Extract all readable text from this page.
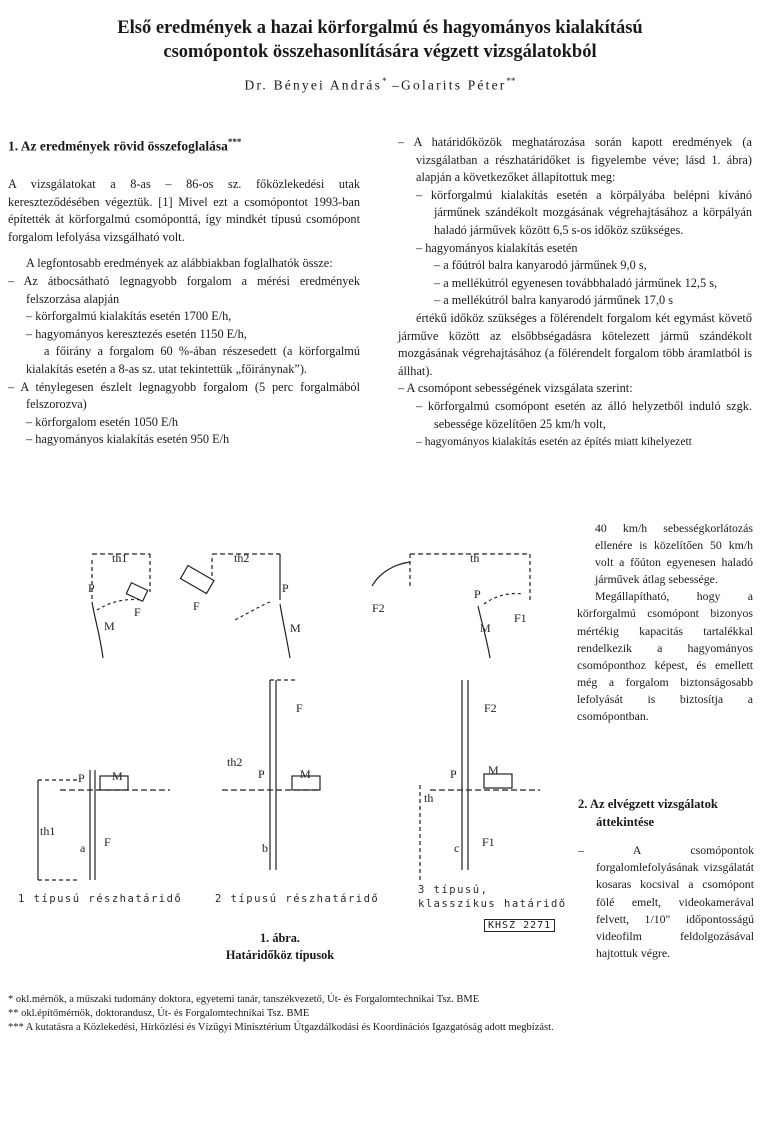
Első eredmények a hazai körforgalmú és hagyományos kialakítású
csomópontok összehasonlítására végzett vizsgálatokból
Dr. Bényei András* –Golarits Péter**

1. Az eredmények rövid összefoglalása***

A vizsgálatokat a 8-as – 86-os sz. főközlekedési utak kereszteződésében végeztük. [1] Mivel ezt a csomópontot 1993-ban építették át körforgalmú csomóponttá, így mindkét típusú csomópont forgalom lefolyása vizsgálható volt.

A legfontosabb eredmények az alábbiakban foglalhatók össze:

– Az átbocsátható legnagyobb forgalom a mérési eredmények felszorzása alapján

– körforgalmú kialakítás esetén 1700 E/h,

– hagyományos keresztezés esetén 1150 E/h,

a főirány a forgalom 60 %-ában részesedett (a körforgalmú kialakítás esetén a 8-as sz. utat tekintettük „főiránynak”).

– A ténylegesen észlelt legnagyobb forgalom (5 perc forgalmából felszorozva)

– körforgalom esetén 1050 E/h

– hagyományos kialakítás esetén 950 E/h

– A határidőközök meghatározása során kapott eredmények (a vizsgálatban a részhatáridőket is figyelembe véve; lásd 1. ábra) alapján a következőket állapítottuk meg:

– körforgalmú kialakítás esetén a körpályába belépni kívánó járműnek szándékolt mozgásának végrehajtásához a körpályán haladó járművek között 6,5 s-os időköz szükséges.

– hagyományos kialakítás esetén

– a főútról balra kanyarodó járműnek 9,0 s,

– a mellékútról egyenesen továbbhaladó járműnek 12,5 s,

– a mellékútról balra kanyarodó járműnek 17,0 s

értékű időköz szükséges a fölérendelt forgalom két egymást követő járműve között az elsőbbségadásra kötelezett jármű szándékolt mozgásának végrehajtásához (a fölérendelt forgalom több áramlatból is állhat).

– A csomópont sebességének vizsgálata szerint:

– körforgalmú csomópont esetén az álló helyzetből induló szgk. sebessége közelítően 25 km/h volt,

– hagyományos kialakítás esetén az építés miatt kihelyezett

40 km/h sebességkorlátozás ellenére is közelítően 50 km/h volt a főúton egyenesen haladó járművek átlag sebessége.

Megállapítható, hogy a körforgalmú csomópont bizonyos mértékig kapacitás tartalékkal rendelkezik a hagyományos csomóponthoz képest, és emellett még a forgalom biztonságosabb lefolyását is biztosítja a csomópontban.

2. Az elvégzett vizsgálatok

áttekintése

– A csomópontok forgalomlefolyásának vizsgálatát kosaras kocsival a csomópont fölé emelt, videokamerával felvett, 1/10" időpontosságú videofilm feldolgozásával hajtottuk végre.

th1	th2	th
P
M
F
P
M
F
P
M
F2
F1
F	F2
th2
th
th1
P M	P	M	P	M
F	F1
a	b	c
1 típusú részhatáridő	2 típusú részhatáridő
3 típusú,
klasszikus határidő
KHSZ 2271
1. ábra.
Határidőköz típusok

* okl.mérnök, a műszaki tudomány doktora, egyetemi tanár, tanszékvezető, Út- és Forgalomtechnikai Tsz. BME

** okl.építőmérnök, doktorandusz, Út- és Forgalomtechnikai Tsz. BME

*** A kutatásra a Közlekedési, Hírközlési és Vízügyi Minisztérium Útgazdálkodási és Koordinációs Igazgatóság adott megbízást.
